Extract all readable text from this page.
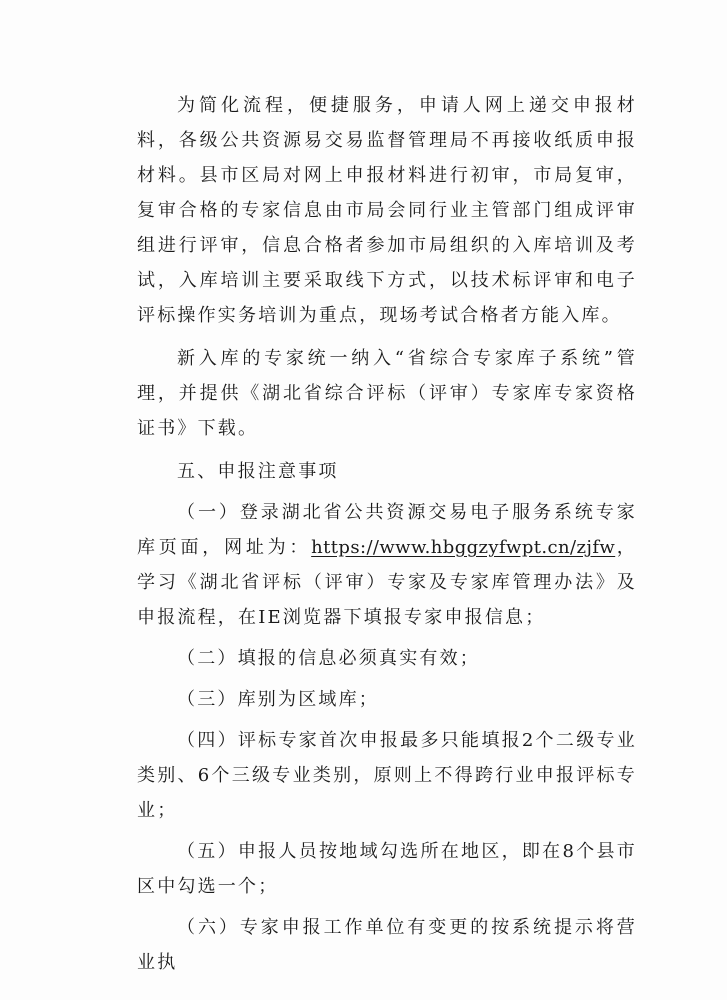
为简化流程，便捷服务，申请人网上递交申报材料，各级公共资源易交易监督管理局不再接收纸质申报材料。县市区局对网上申报材料进行初审，市局复审，复审合格的专家信息由市局会同行业主管部门组成评审组进行评审，信息合格者参加市局组织的入库培训及考试，入库培训主要采取线下方式，以技术标评审和电子评标操作实务培训为重点，现场考试合格者方能入库。

新入库的专家统一纳入“省综合专家库子系统”管理，并提供《湖北省综合评标（评审）专家库专家资格证书》下载。

五、申报注意事项

（一）登录湖北省公共资源交易电子服务系统专家库页面，网址为：https://www.hbggzyfwpt.cn/zjfw，学习《湖北省评标（评审）专家及专家库管理办法》及申报流程，在IE浏览器下填报专家申报信息；

（二）填报的信息必须真实有效；

（三）库别为区域库；

（四）评标专家首次申报最多只能填报2个二级专业类别、6个三级专业类别，原则上不得跨行业申报评标专业；

（五）申报人员按地域勾选所在地区，即在8个县市区中勾选一个；

（六）专家申报工作单位有变更的按系统提示将营业执
